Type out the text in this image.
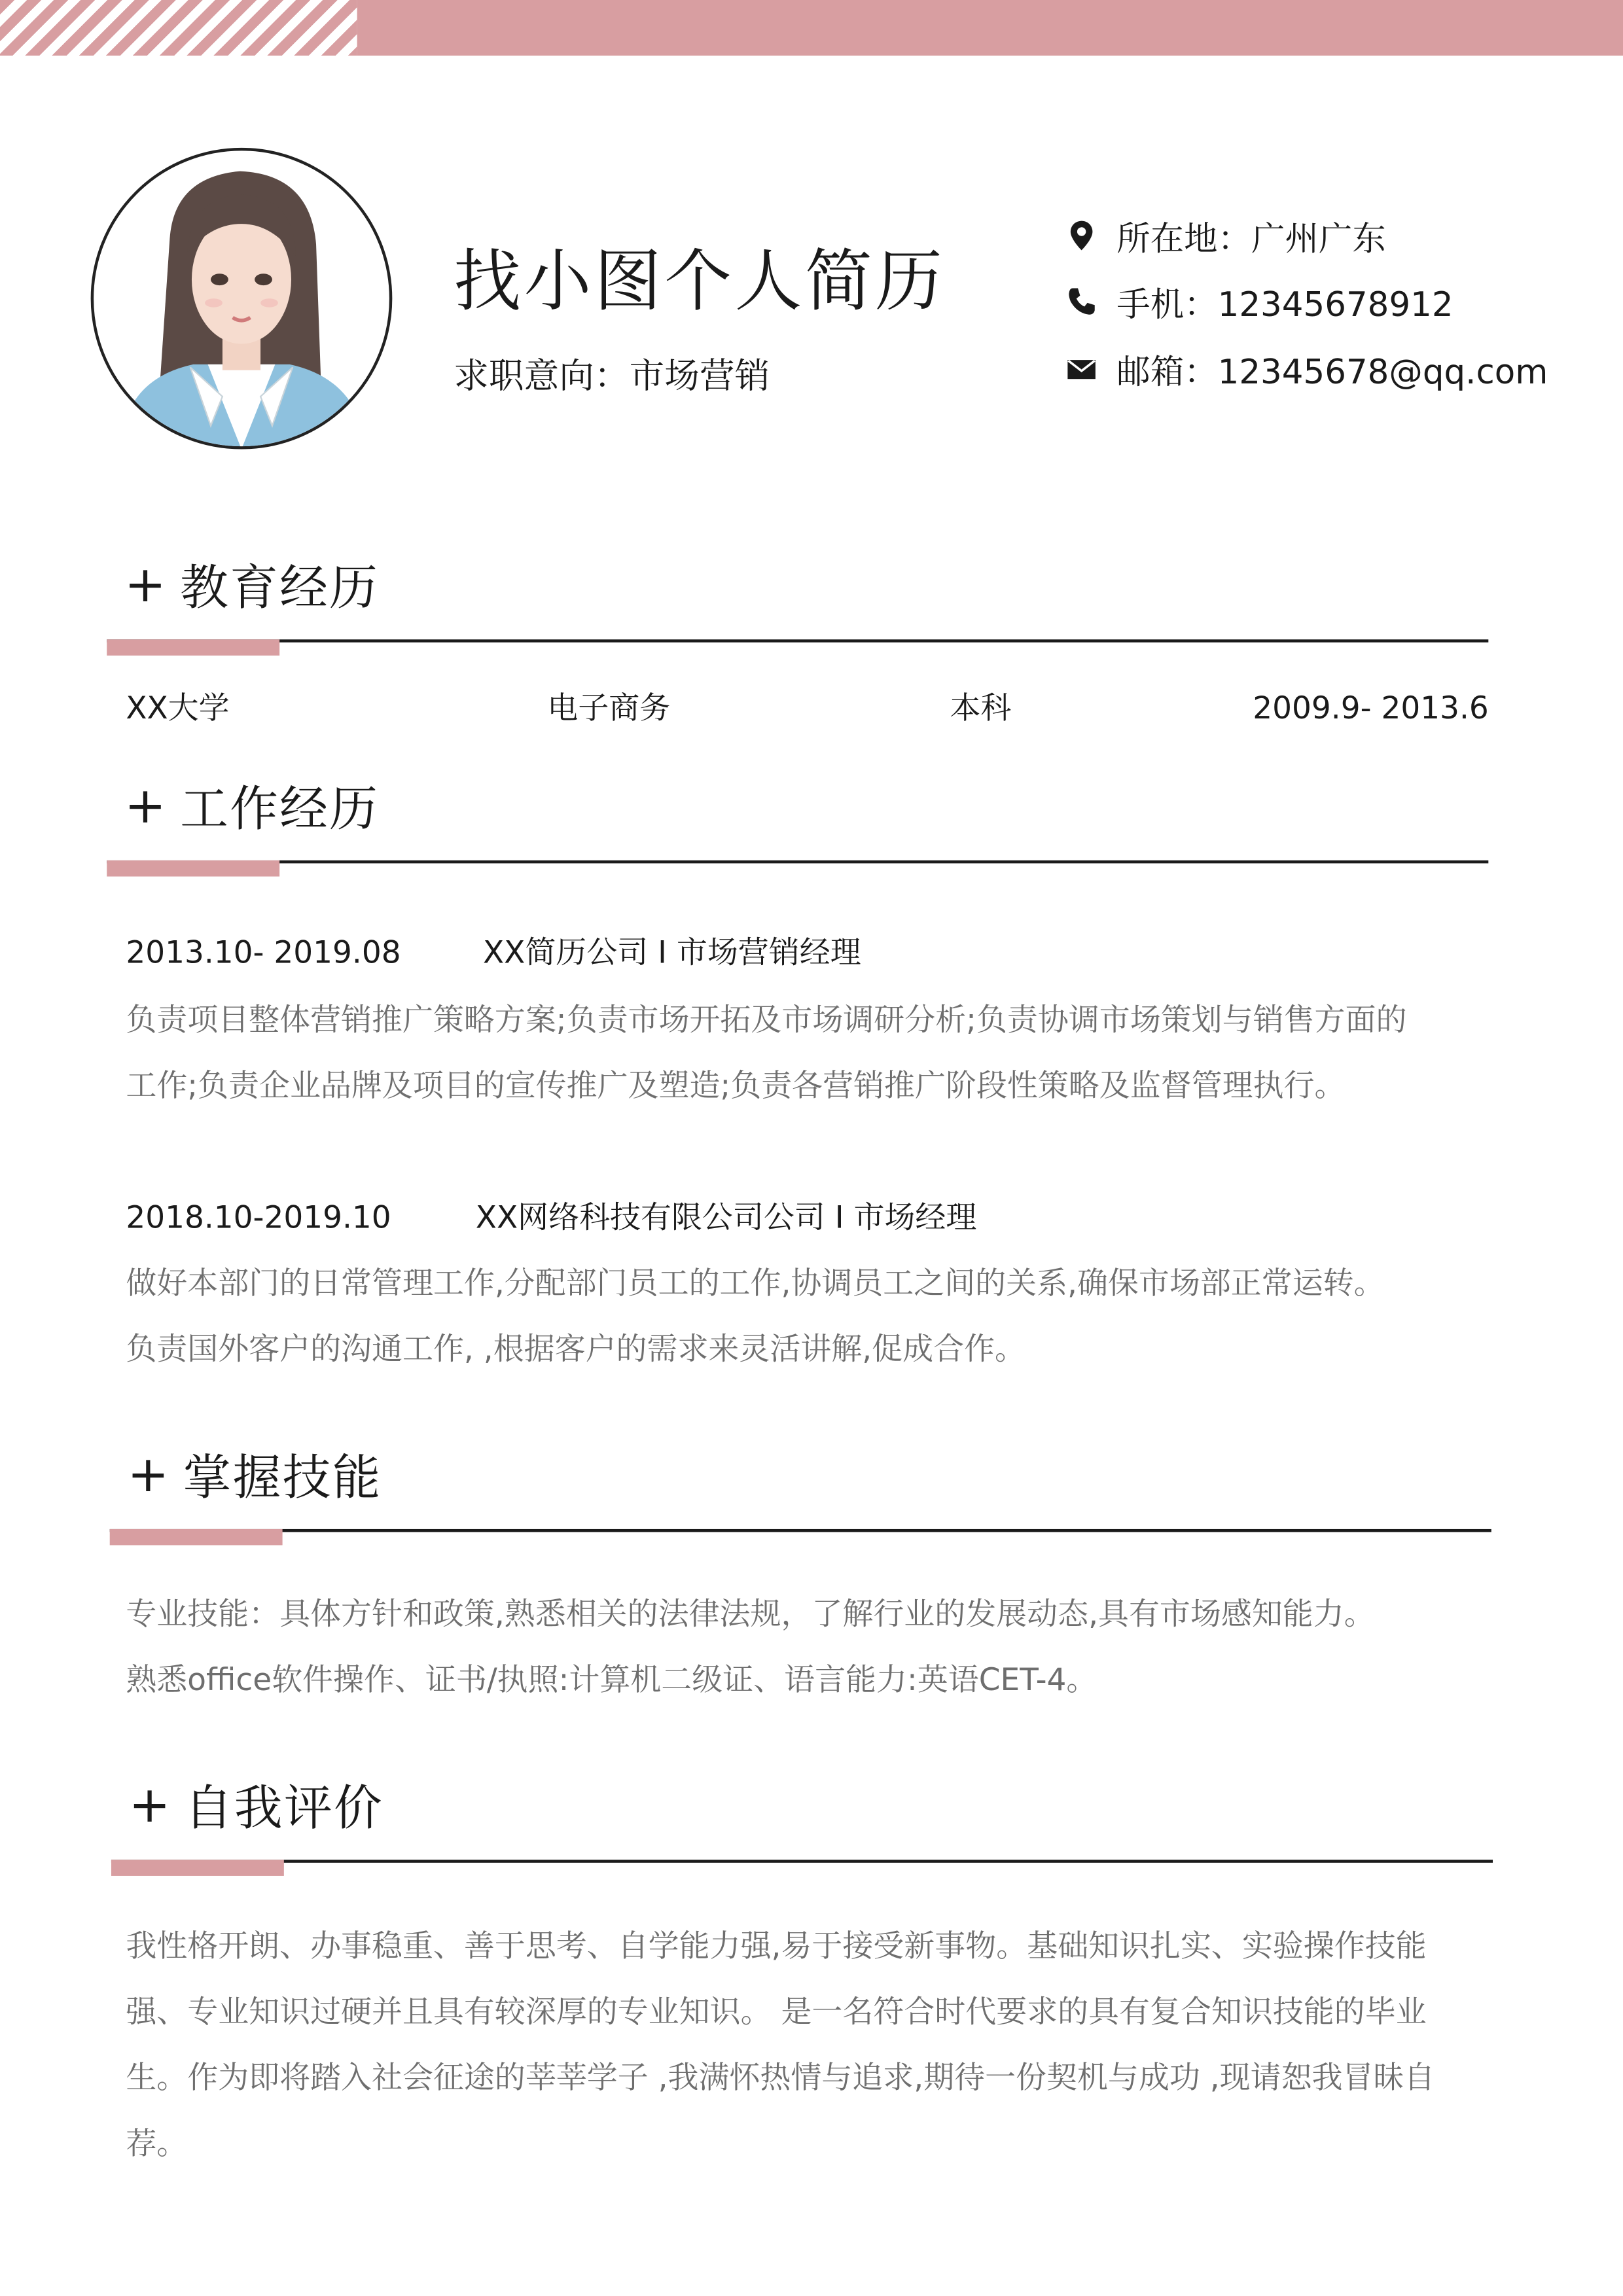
找小图个人简历
求职意向：市场营销
所在地：广州广东
手机：12345678912
邮箱：12345678@qq.com
+ 教育经历
XX大学	电子商务	本科	2009.9- 2013.6
+ 工作经历
2013.10- 2019.08	XX简历公司 I 市场营销经理
负责项目整体营销推广策略方案;负责市场开拓及市场调研分析;负责协调市场策划与销售方面的
工作;负责企业品牌及项目的宣传推广及塑造;负责各营销推广阶段性策略及监督管理执行。
2018.10-2019.10	XX网络科技有限公司公司 I 市场经理
做好本部门的日常管理工作,分配部门员工的工作,协调员工之间的关系,确保市场部正常运转。
负责国外客户的沟通工作, ,根据客户的需求来灵活讲解,促成合作。
+ 掌握技能
专业技能：具体方针和政策,熟悉相关的法律法规，了解行业的发展动态,具有市场感知能力。
熟悉office软件操作、证书/执照:计算机二级证、语言能力:英语CET-4。
+ 自我评价
我性格开朗、办事稳重、善于思考、自学能力强,易于接受新事物。基础知识扎实、实验操作技能
强、专业知识过硬并且具有较深厚的专业知识。 是一名符合时代要求的具有复合知识技能的毕业
生。作为即将踏入社会征途的莘莘学子 ,我满怀热情与追求,期待一份契机与成功 ,现请恕我冒昧自
荐。
